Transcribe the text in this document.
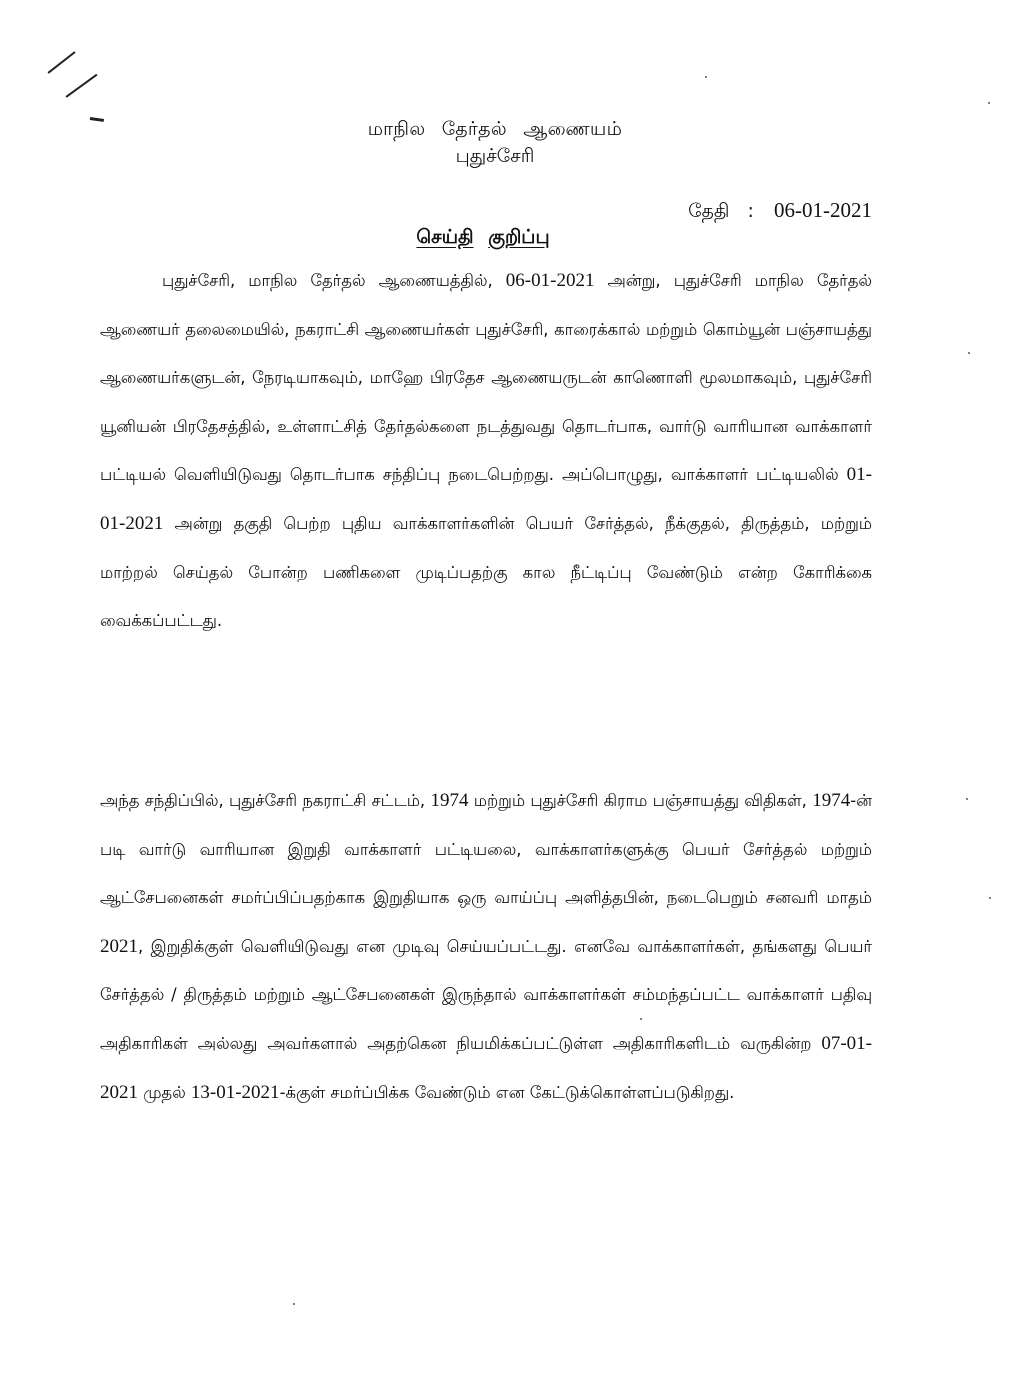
மாநில தேர்தல் ஆணையம்
புதுச்சேரி
தேதி : 06-01-2021
செய்தி குறிப்பு
புதுச்சேரி, மாநில தேர்தல் ஆணையத்தில், 06-01-2021 அன்று, புதுச்சேரி மாநில தேர்தல் ஆணையர் தலைமையில், நகராட்சி ஆணையர்கள் புதுச்சேரி, காரைக்கால் மற்றும் கொம்யூன் பஞ்சாயத்து ஆணையர்களுடன், நேரடியாகவும், மாஹே பிரதேச ஆணையருடன் காணொளி மூலமாகவும், புதுச்சேரி யூனியன் பிரதேசத்தில், உள்ளாட்சித் தேர்தல்களை நடத்துவது தொடர்பாக, வார்டு வாரியான வாக்காளர் பட்டியல் வெளியிடுவது தொடர்பாக சந்திப்பு நடைபெற்றது. அப்பொழுது, வாக்காளர் பட்டியலில் 01-01-2021 அன்று தகுதி பெற்ற புதிய வாக்காளர்களின் பெயர் சேர்த்தல், நீக்குதல், திருத்தம், மற்றும் மாற்றல் செய்தல் போன்ற பணிகளை முடிப்பதற்கு கால நீட்டிப்பு வேண்டும் என்ற கோரிக்கை வைக்கப்பட்டது.
அந்த சந்திப்பில், புதுச்சேரி நகராட்சி சட்டம், 1974 மற்றும் புதுச்சேரி கிராம பஞ்சாயத்து விதிகள், 1974-ன் படி வார்டு வாரியான இறுதி வாக்காளர் பட்டியலை, வாக்காளர்களுக்கு பெயர் சேர்த்தல் மற்றும் ஆட்சேபனைகள் சமர்ப்பிப்பதற்காக இறுதியாக ஒரு வாய்ப்பு அளித்தபின், நடைபெறும் சனவரி மாதம் 2021, இறுதிக்குள் வெளியிடுவது என முடிவு செய்யப்பட்டது. எனவே வாக்காளர்கள், தங்களது பெயர் சேர்த்தல் / திருத்தம் மற்றும் ஆட்சேபனைகள் இருந்தால் வாக்காளர்கள் சம்மந்தப்பட்ட வாக்காளர் பதிவு அதிகாரிகள் அல்லது அவர்களால் அதற்கென நியமிக்கப்பட்டுள்ள அதிகாரிகளிடம் வருகின்ற 07-01-2021 முதல் 13-01-2021-க்குள் சமர்ப்பிக்க வேண்டும் என கேட்டுக்கொள்ளப்படுகிறது.
